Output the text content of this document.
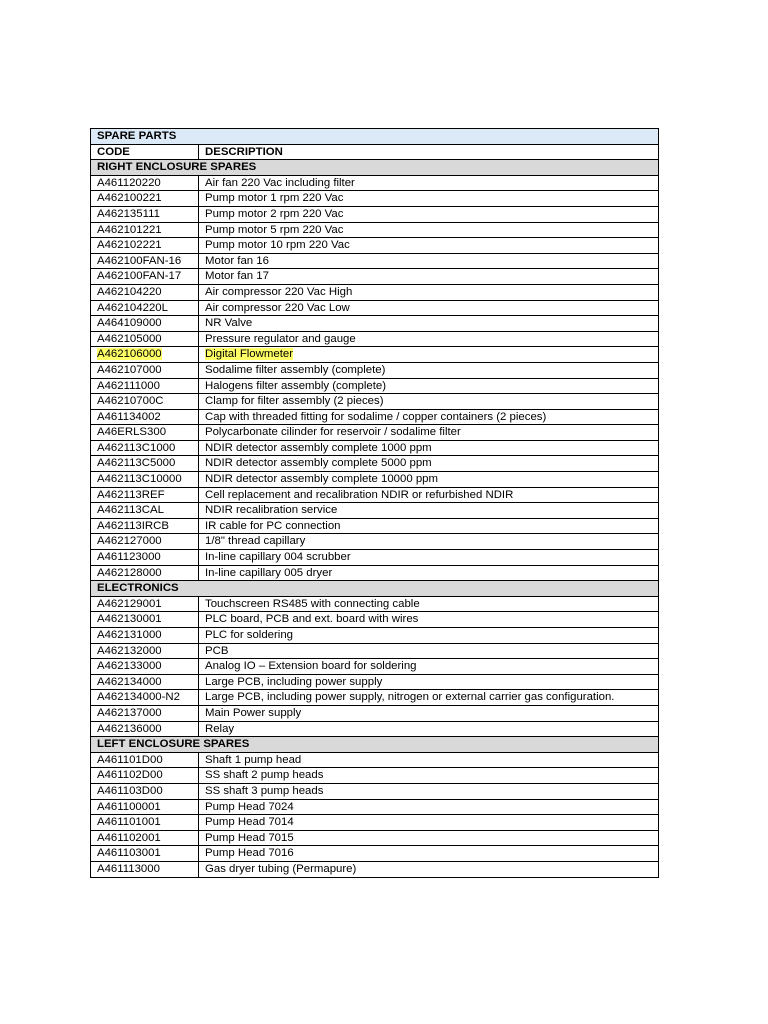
SPARE PARTS	
CODE	DESCRIPTION
RIGHT ENCLOSURE SPARES	
A461120220	Air fan 220 Vac including filter
A462100221	Pump motor 1 rpm 220 Vac
A462135111	Pump motor 2 rpm 220 Vac
A462101221	Pump motor 5 rpm 220 Vac
A462102221	Pump motor 10 rpm 220 Vac
A462100FAN-16	Motor fan 16
A462100FAN-17	Motor fan 17
A462104220	Air compressor 220 Vac High
A462104220L	Air compressor 220 Vac Low
A464109000	NR Valve
A462105000	Pressure regulator and gauge
A462106000	Digital Flowmeter
A462107000	Sodalime filter assembly (complete)
A462111000	Halogens filter assembly (complete)
A46210700C	Clamp for filter assembly (2 pieces)
A461134002	Cap with threaded fitting for sodalime / copper containers (2 pieces)
A46ERLS300	Polycarbonate cilinder for reservoir / sodalime filter
A462113C1000	NDIR detector assembly complete 1000 ppm
A462113C5000	NDIR detector assembly complete 5000 ppm
A462113C10000	NDIR detector assembly complete 10000 ppm
A462113REF	Cell replacement and recalibration NDIR or refurbished NDIR
A462113CAL	NDIR recalibration service
A462113IRCB	IR cable for PC connection
A462127000	1/8" thread capillary
A461123000	In-line capillary 004 scrubber
A462128000	In-line capillary 005 dryer
ELECTRONICS	
A462129001	Touchscreen RS485 with connecting cable
A462130001	PLC board, PCB and ext. board with wires
A462131000	PLC for soldering
A462132000	PCB
A462133000	Analog IO – Extension board for soldering
A462134000	Large PCB, including power supply
A462134000-N2	Large PCB, including power supply, nitrogen or external carrier gas configuration.
A462137000	Main Power supply
A462136000	Relay
LEFT ENCLOSURE SPARES	
A461101D00	Shaft 1 pump head
A461102D00	SS shaft 2 pump heads
A461103D00	SS shaft 3 pump heads
A461100001	Pump Head 7024
A461101001	Pump Head 7014
A461102001	Pump Head 7015
A461103001	Pump Head 7016
A461113000	Gas dryer tubing (Permapure)
